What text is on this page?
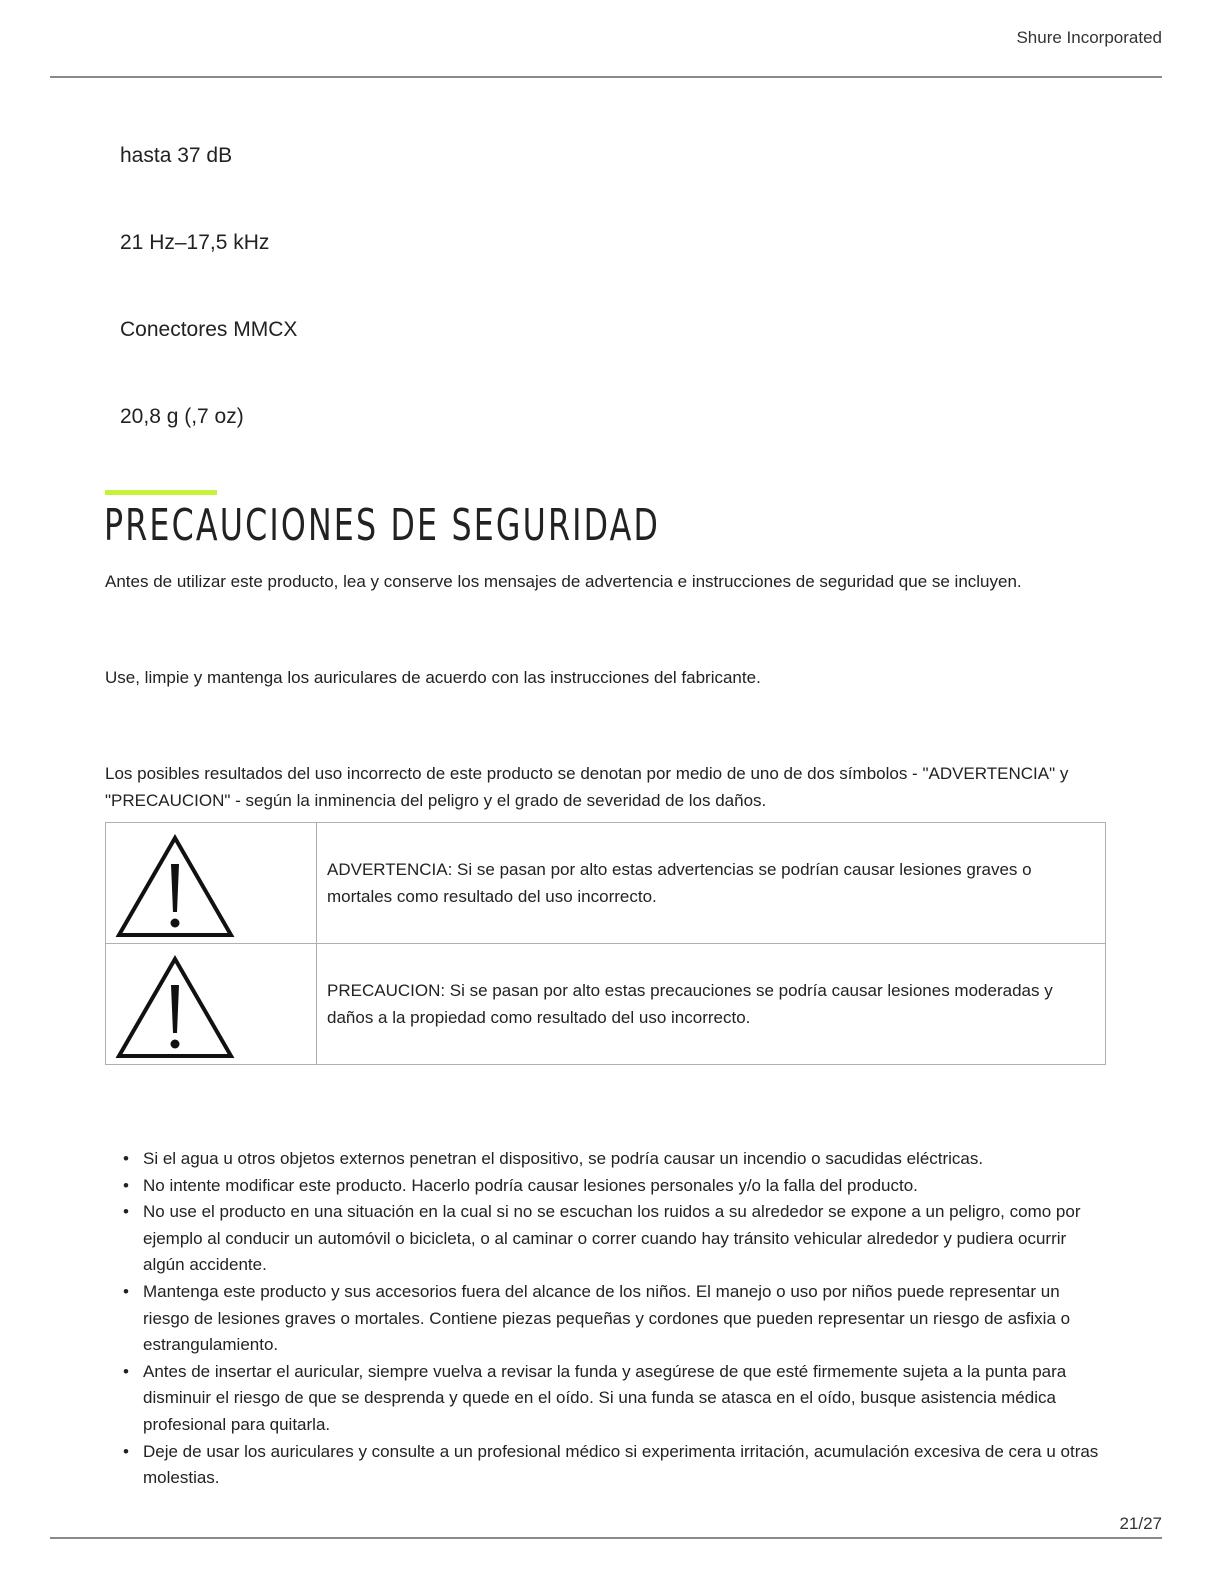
Shure Incorporated
hasta 37 dB
21 Hz–17,5 kHz
Conectores MMCX
20,8 g (,7 oz)
PRECAUCIONES DE SEGURIDAD

Antes de utilizar este producto, lea y conserve los mensajes de advertencia e instrucciones de seguridad que se incluyen.

Use, limpie y mantenga los auriculares de acuerdo con las instrucciones del fabricante.

Los posibles resultados del uso incorrecto de este producto se denotan por medio de uno de dos símbolos - "ADVERTENCIA" y "PRECAUCION" - según la inminencia del peligro y el grado de severidad de los daños.

	ADVERTENCIA: Si se pasan por alto estas advertencias se podrían causar lesiones graves o mortales como resultado del uso incorrecto.

	PRECAUCION: Si se pasan por alto estas precauciones se podría causar lesiones moderadas y daños a la propiedad como resultado del uso incorrecto.
• Si el agua u otros objetos externos penetran el dispositivo, se podría causar un incendio o sacudidas eléctricas.
• No intente modificar este producto. Hacerlo podría causar lesiones personales y/o la falla del producto.
• No use el producto en una situación en la cual si no se escuchan los ruidos a su alrededor se expone a un peligro, como por ejemplo al conducir un automóvil o bicicleta, o al caminar o correr cuando hay tránsito vehicular alrededor y pudiera ocurrir algún accidente.
• Mantenga este producto y sus accesorios fuera del alcance de los niños. El manejo o uso por niños puede representar un riesgo de lesiones graves o mortales. Contiene piezas pequeñas y cordones que pueden representar un riesgo de asfixia o estrangulamiento.
• Antes de insertar el auricular, siempre vuelva a revisar la funda y asegúrese de que esté firmemente sujeta a la punta para disminuir el riesgo de que se desprenda y quede en el oído. Si una funda se atasca en el oído, busque asistencia médica profesional para quitarla.
• Deje de usar los auriculares y consulte a un profesional médico si experimenta irritación, acumulación excesiva de cera u otras molestias.
21/27
